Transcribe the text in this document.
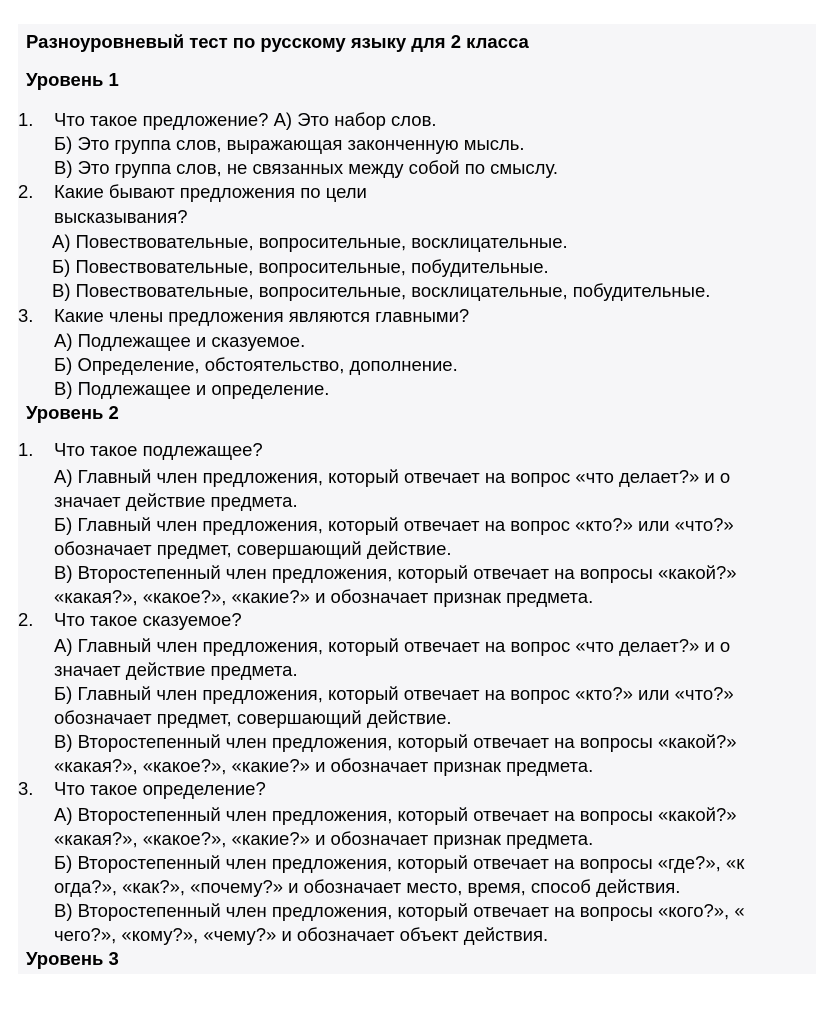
Разноуровневый тест по русскому языку для 2 класса
Уровень 1
1. Что такое предложение? А) Это набор слов.
Б) Это группа слов, выражающая законченную мысль.
В) Это группа слов, не связанных между собой по смыслу.
2. Какие бывают предложения по цели
высказывания?
А) Повествовательные, вопросительные, восклицательные.
Б) Повествовательные, вопросительные, побудительные.
В) Повествовательные, вопросительные, восклицательные, побудительные.
3. Какие члены предложения являются главными?
А) Подлежащее и сказуемое.
Б) Определение, обстоятельство, дополнение.
В) Подлежащее и определение.
Уровень 2
1. Что такое подлежащее?
А) Главный член предложения, который отвечает на вопрос «что делает?» и о
значает действие предмета.
Б) Главный член предложения, который отвечает на вопрос «кто?» или «что?»
обозначает предмет, совершающий действие.
В) Второстепенный член предложения, который отвечает на вопросы «какой?»
«какая?», «какое?», «какие?» и обозначает признак предмета.
2. Что такое сказуемое?
А) Главный член предложения, который отвечает на вопрос «что делает?» и о
значает действие предмета.
Б) Главный член предложения, который отвечает на вопрос «кто?» или «что?»
обозначает предмет, совершающий действие.
В) Второстепенный член предложения, который отвечает на вопросы «какой?»
«какая?», «какое?», «какие?» и обозначает признак предмета.
3. Что такое определение?
А) Второстепенный член предложения, который отвечает на вопросы «какой?»
«какая?», «какое?», «какие?» и обозначает признак предмета.
Б) Второстепенный член предложения, который отвечает на вопросы «где?», «к
огда?», «как?», «почему?» и обозначает место, время, способ действия.
В) Второстепенный член предложения, который отвечает на вопросы «кого?», «
чего?», «кому?», «чему?» и обозначает объект действия.
Уровень 3
